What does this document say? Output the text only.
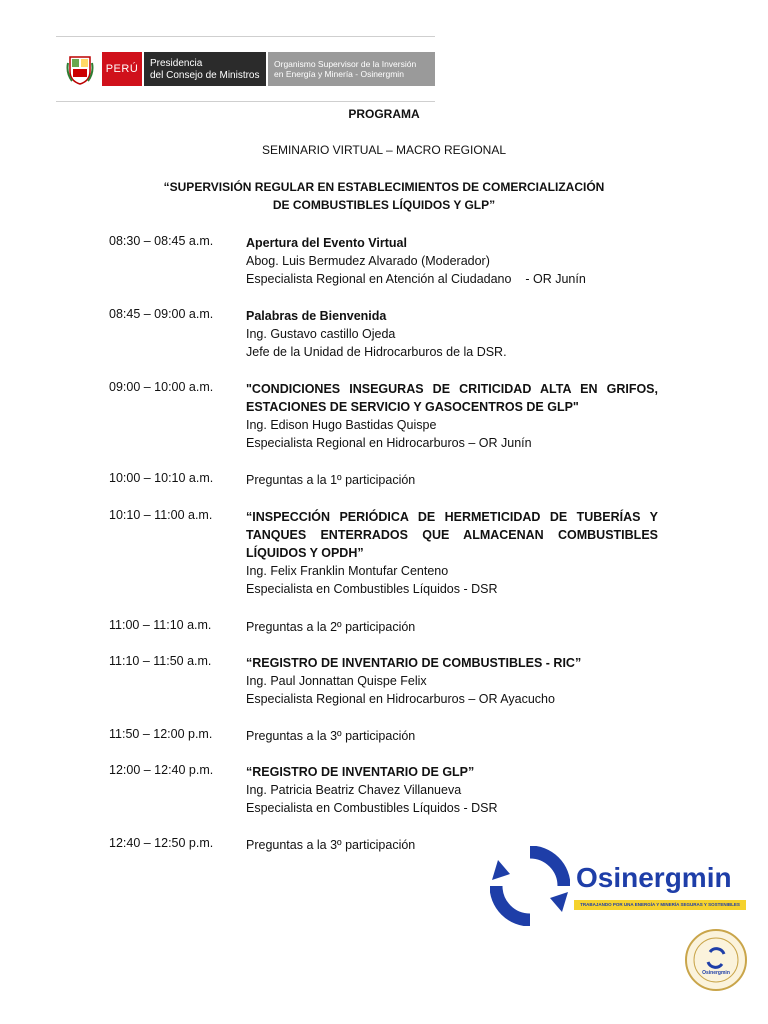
PERÚ	Presidencia
del Consejo de Ministros
Organismo Supervisor de la Inversión
en Energía y Minería - Osinergmin
PROGRAMA
SEMINARIO VIRTUAL – MACRO REGIONAL
“SUPERVISIÓN REGULAR EN ESTABLECIMIENTOS DE COMERCIALIZACIÓN
DE COMBUSTIBLES LÍQUIDOS Y GLP”
08:30 – 08:45 a.m.	Apertura del Evento Virtual
Abog. Luis Bermudez Alvarado (Moderador)
Especialista Regional en Atención al Ciudadano    - OR Junín
08:45 – 09:00 a.m.	Palabras de Bienvenida
Ing. Gustavo castillo Ojeda
Jefe de la Unidad de Hidrocarburos de la DSR.
09:00 – 10:00 a.m.	"CONDICIONES INSEGURAS DE CRITICIDAD ALTA EN GRIFOS, ESTACIONES DE SERVICIO Y GASOCENTROS DE GLP"
Ing. Edison Hugo Bastidas Quispe
Especialista Regional en Hidrocarburos – OR Junín
10:00 – 10:10 a.m.	Preguntas a la 1º participación
10:10 – 11:00 a.m.	“INSPECCIÓN PERIÓDICA DE HERMETICIDAD DE TUBERÍAS Y TANQUES ENTERRADOS QUE ALMACENAN COMBUSTIBLES LÍQUIDOS Y OPDH”
Ing. Felix Franklin Montufar Centeno
Especialista en Combustibles Líquidos - DSR
11:00 – 11:10 a.m.	Preguntas a la 2º participación
11:10 – 11:50 a.m.	“REGISTRO DE INVENTARIO DE COMBUSTIBLES - RIC”
Ing. Paul Jonnattan Quispe Felix
Especialista Regional en Hidrocarburos – OR Ayacucho
11:50 – 12:00 p.m.	Preguntas a la 3º participación
12:00 – 12:40 p.m.	“REGISTRO DE INVENTARIO DE GLP”
Ing. Patricia Beatriz Chavez Villanueva
Especialista en Combustibles Líquidos - DSR
12:40 – 12:50 p.m.	Preguntas a la 3º participación
Osinergmin
TRABAJANDO POR UNA ENERGÍA Y MINERÍA SEGURAS Y SOSTENIBLES
Osinergmin
